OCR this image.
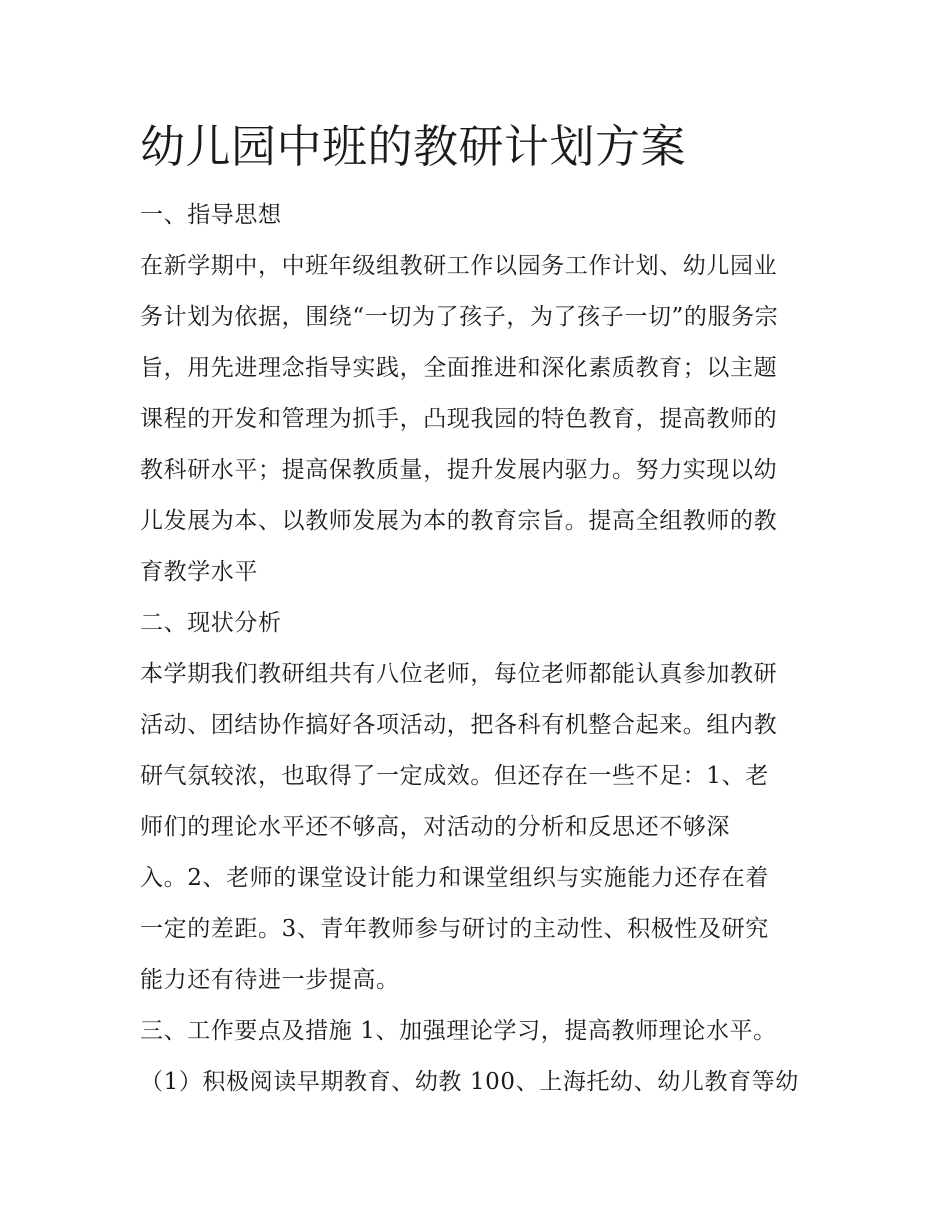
幼儿园中班的教研计划方案
一、指导思想
在新学期中，中班年级组教研工作以园务工作计划、幼儿园业
务计划为依据，围绕“一切为了孩子，为了孩子一切”的服务宗
旨，用先进理念指导实践，全面推进和深化素质教育；以主题
课程的开发和管理为抓手，凸现我园的特色教育，提高教师的
教科研水平；提高保教质量，提升发展内驱力。努力实现以幼
儿发展为本、以教师发展为本的教育宗旨。提高全组教师的教
育教学水平
二、现状分析
本学期我们教研组共有八位老师，每位老师都能认真参加教研
活动、团结协作搞好各项活动，把各科有机整合起来。组内教
研气氛较浓，也取得了一定成效。但还存在一些不足：1、老
师们的理论水平还不够高，对活动的分析和反思还不够深
入。2、老师的课堂设计能力和课堂组织与实施能力还存在着
一定的差距。3、青年教师参与研讨的主动性、积极性及研究
能力还有待进一步提高。
三、工作要点及措施 1、加强理论学习，提高教师理论水平。
（1）积极阅读早期教育、幼教 100、上海托幼、幼儿教育等幼
